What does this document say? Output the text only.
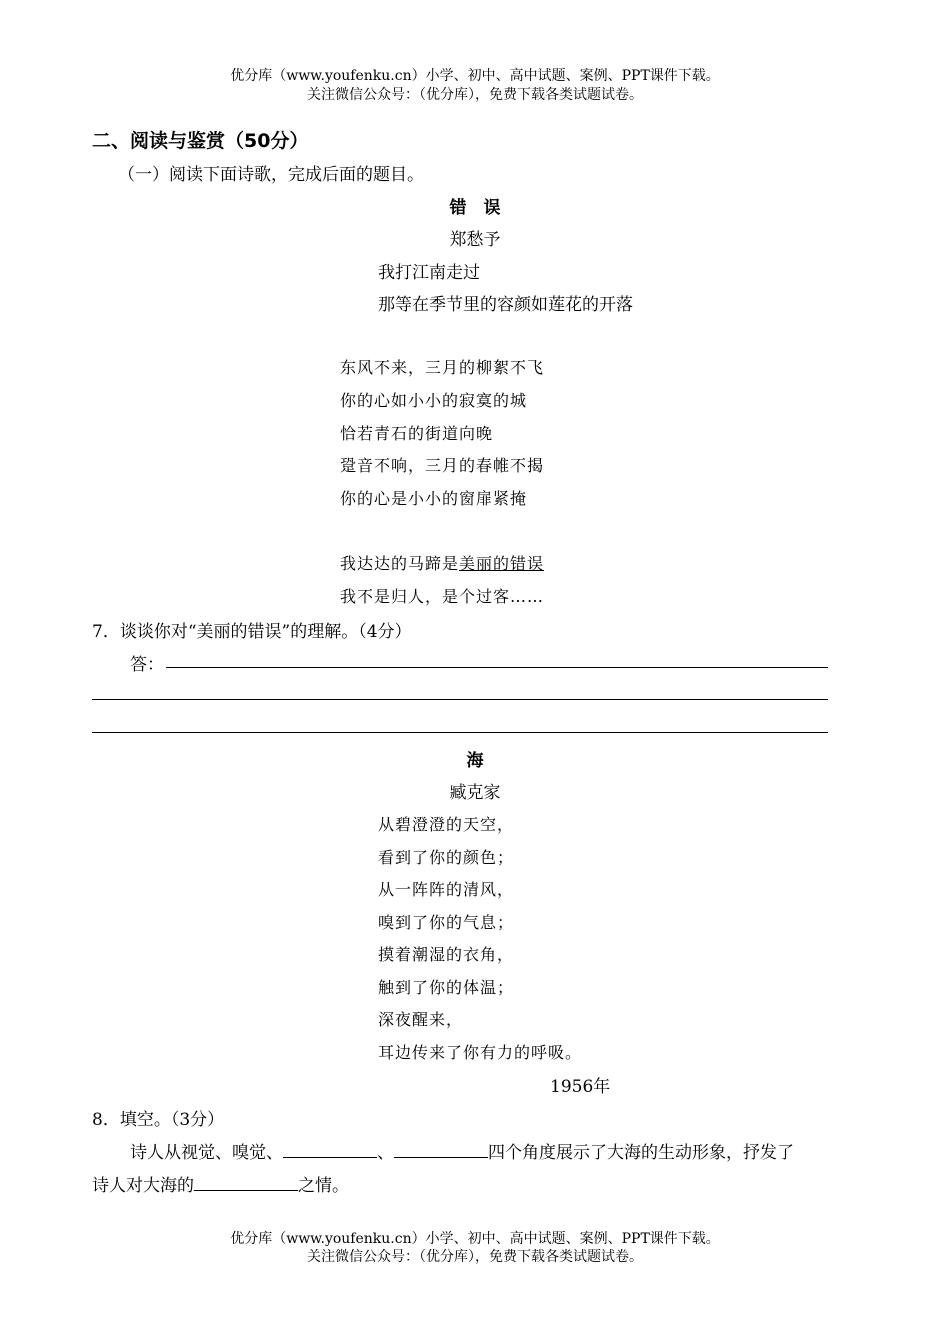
优分库（www.youfenku.cn）小学、初中、高中试题、案例、PPT课件下载。
关注微信公众号：（优分库），免费下载各类试题试卷。
二、阅读与鉴赏（50分）
（一）阅读下面诗歌，完成后面的题目。
错　误
郑愁予
我打江南走过
那等在季节里的容颜如莲花的开落
东风不来，三月的柳絮不飞
你的心如小小的寂寞的城
恰若青石的街道向晚
跫音不响，三月的春帷不揭
你的心是小小的窗扉紧掩
我达达的马蹄是美丽的错误
我不是归人，是个过客……
7．谈谈你对“美丽的错误”的理解。（4分）
答：
海
臧克家
从碧澄澄的天空，
看到了你的颜色；
从一阵阵的清风，
嗅到了你的气息；
摸着潮湿的衣角，
触到了你的体温；
深夜醒来，
耳边传来了你有力的呼吸。
1956年
8．填空。（3分）
诗人从视觉、嗅觉、	、	四个角度展示了大海的生动形象，抒发了
诗人对大海的	之情。
优分库（www.youfenku.cn）小学、初中、高中试题、案例、PPT课件下载。
关注微信公众号：（优分库），免费下载各类试题试卷。
